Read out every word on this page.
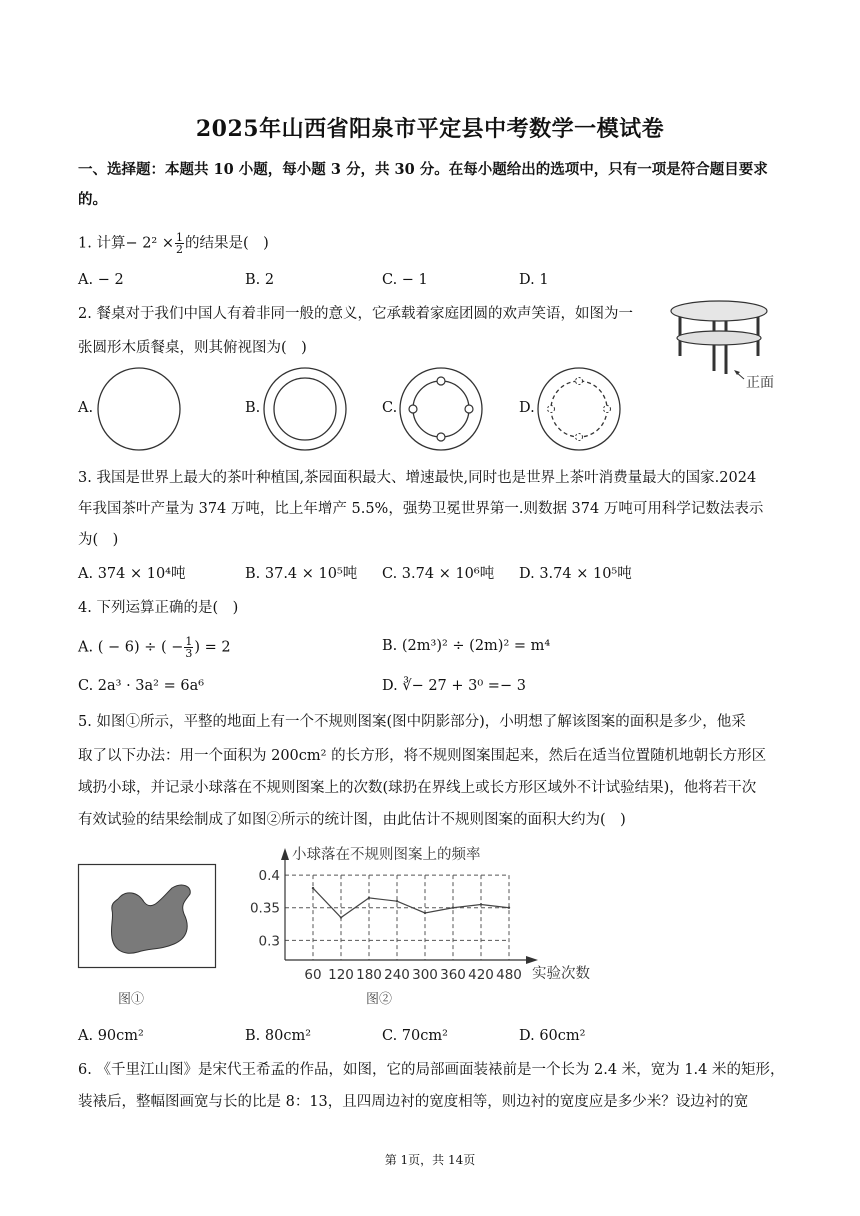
2025年山西省阳泉市平定县中考数学一模试卷
一、选择题：本题共 10 小题，每小题 3 分，共 30 分。在每小题给出的选项中，只有一项是符合题目要求
的。
1. 计算− $2^2 \times \frac{1}{2}$ 的结果是(　)
A. − 2	B. 2	C. − 1	D. 1
2. 餐桌对于我们中国人有着非同一般的意义，它承载着家庭团圆的欢声笑语，如图为一
张圆形木质餐桌，则其俯视图为(　)
正面
A.	B.	C.	D.
3. 我国是世界上最大的茶叶种植国,茶园面积最大、增速最快,同时也是世界上茶叶消费量最大的国家.2024
年我国茶叶产量为 374 万吨，比上年增产 5.5%，强势卫冕世界第一.则数据 374 万吨可用科学记数法表示
为(　)
A. 374 × 10⁴吨	B. 37.4 × 10⁵吨 C. 3.74 × 10⁶吨 D. 3.74 × 10⁵吨
4. 下列运算正确的是(　)
A. ( − 6) ÷ ( − $\frac{1}{3}$ ) = 2	B. (2m³)² ÷ (2m)² = m⁴
C. 2a³ · 3a² = 6a⁶	D. ∛− 27 + 3⁰ =− 3
5. 如图①所示，平整的地面上有一个不规则图案(图中阴影部分)，小明想了解该图案的面积是多少，他采
取了以下办法：用一个面积为 200cm² 的长方形，将不规则图案围起来，然后在适当位置随机地朝长方形区
域扔小球，并记录小球落在不规则图案上的次数(球扔在界线上或长方形区域外不计试验结果)，他将若干次
有效试验的结果绘制成了如图②所示的统计图，由此估计不规则图案的面积大约为(　)
图①
小球落在不规则图案上的频率
实验次数
0.4
0.35
0.3
60 120 180 240 300 360 420 480
图②
A. 90cm²	B. 80cm²	C. 70cm²	D. 60cm²
6. 《千里江山图》是宋代王希孟的作品，如图，它的局部画面装裱前是一个长为 2.4 米，宽为 1.4 米的矩形，
装裱后，整幅图画宽与长的比是 8：13，且四周边衬的宽度相等，则边衬的宽度应是多少米？设边衬的宽
第 1页，共 14页
